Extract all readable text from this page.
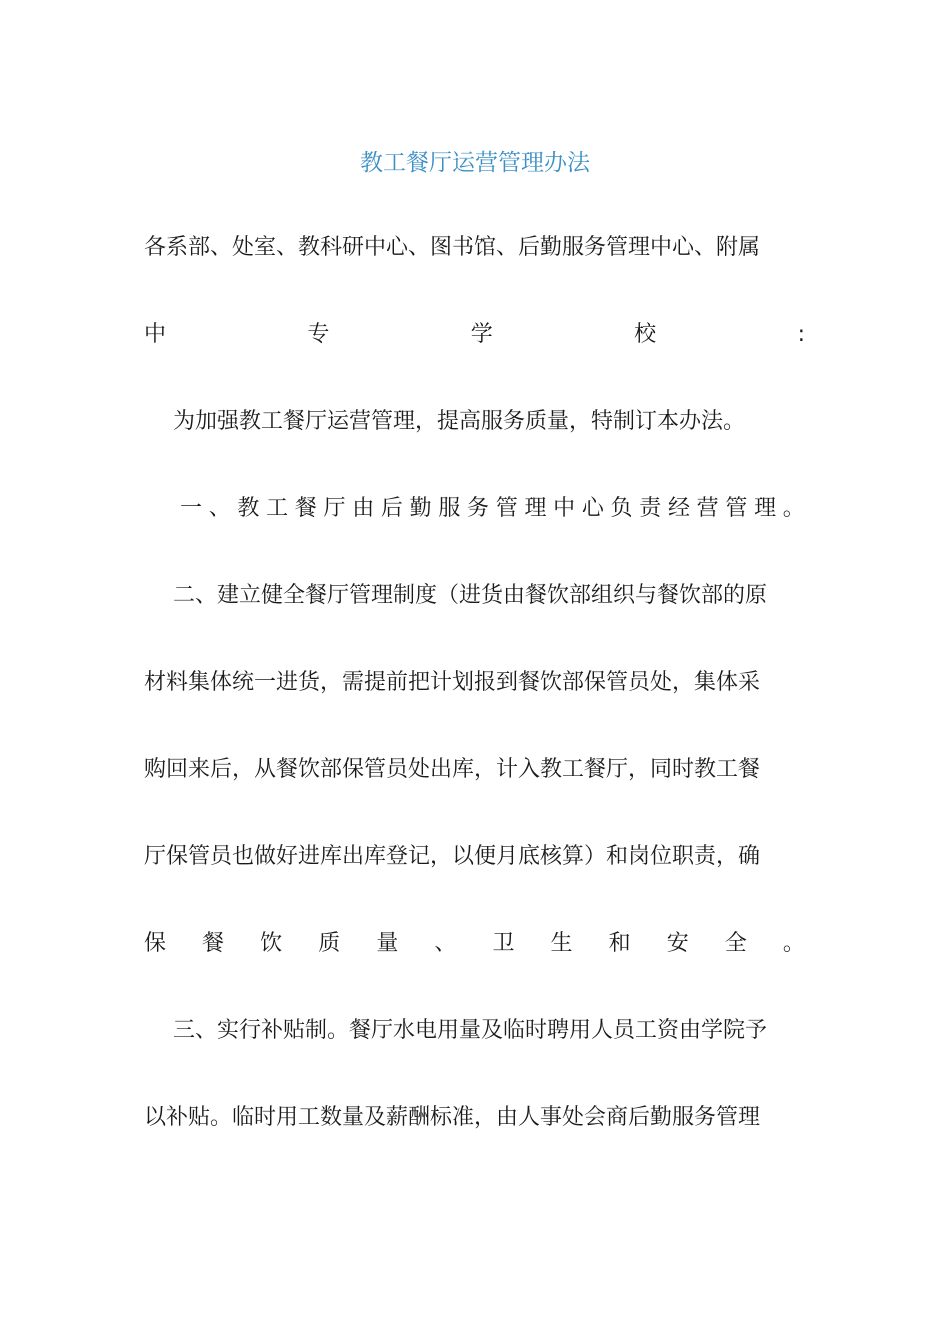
教工餐厅运营管理办法
各系部、处室、教科研中心、图书馆、后勤服务管理中心、附属
中	专	学	校	:
为加强教工餐厅运营管理，提高服务质量，特制订本办法。
一 、 教 工 餐 厅 由 后 勤 服 务 管 理 中 心 负 责 经 营 管 理 。
二、建立健全餐厅管理制度（进货由餐饮部组织与餐饮部的原
材料集体统一进货，需提前把计划报到餐饮部保管员处，集体采
购回来后，从餐饮部保管员处出库，计入教工餐厅，同时教工餐
厅保管员也做好进库出库登记，以便月底核算）和岗位职责，确
保 餐 饮 质 量 、 卫 生 和 安 全 。
三、实行补贴制。餐厅水电用量及临时聘用人员工资由学院予
以补贴。临时用工数量及薪酬标准，由人事处会商后勤服务管理
